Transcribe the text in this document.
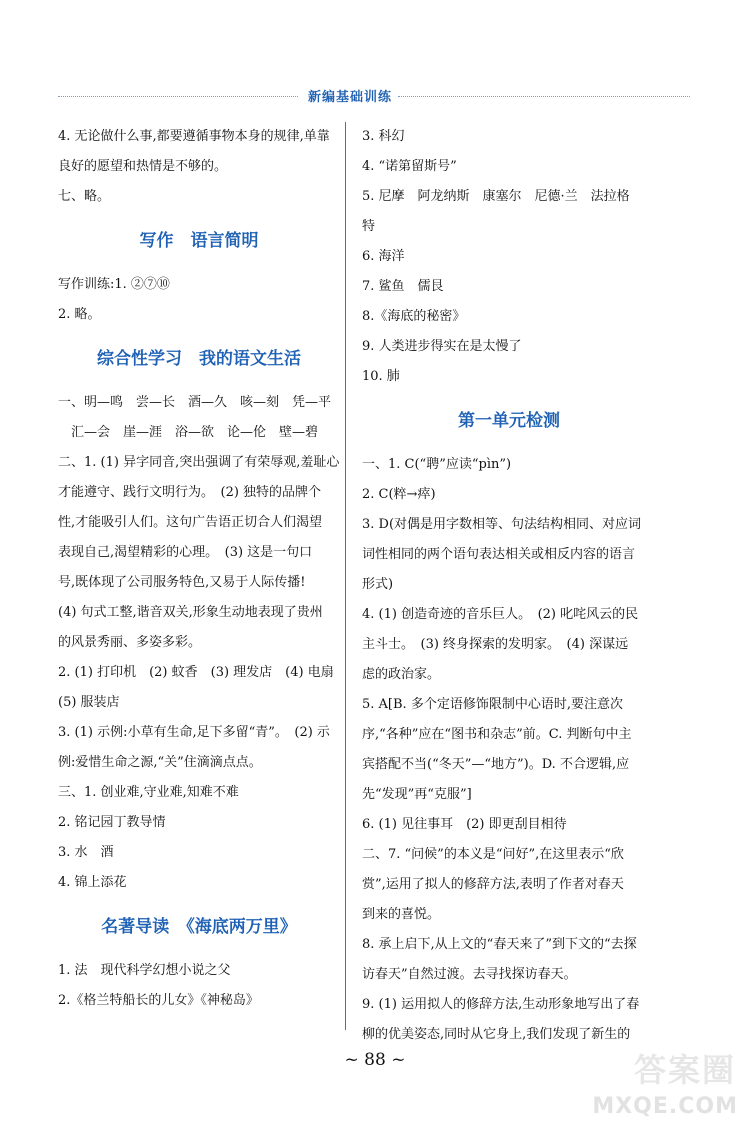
新编基础训练
4. 无论做什么事,都要遵循事物本身的规律,单靠
良好的愿望和热情是不够的。
七、略。
写作　语言简明
写作训练:1. ②⑦⑩
2. 略。
综合性学习　我的语文生活
一、明—鸣　尝—长　酒—久　咳—刻　凭—平
　汇—会　崖—涯　浴—欲　论—伦　壁—碧
二、1. (1) 异字同音,突出强调了有荣辱观,羞耻心
才能遵守、践行文明行为。　(2) 独特的品牌个
性,才能吸引人们。这句广告语正切合人们渴望
表现自己,渴望精彩的心理。　(3) 这是一句口
号,既体现了公司服务特色,又易于人际传播!
(4) 句式工整,谐音双关,形象生动地表现了贵州
的风景秀丽、多姿多彩。
2. (1) 打印机　(2) 蚊香　(3) 理发店　(4) 电扇
(5) 服装店
3. (1) 示例:小草有生命,足下多留“青”。　(2) 示
例:爱惜生命之源,“关”住滴滴点点。
三、1. 创业难,守业难,知难不难
2. 铭记园丁教导情
3. 水　酒
4. 锦上添花
名著导读　《海底两万里》
1. 法　现代科学幻想小说之父
2.《格兰特船长的儿女》《神秘岛》
3. 科幻
4. “诺第留斯号”
5. 尼摩　阿龙纳斯　康塞尔　尼德·兰　法拉格
特
6. 海洋
7. 鲨鱼　儒艮
8.《海底的秘密》
9. 人类进步得实在是太慢了
10. 肺
第一单元检测
一、1. C(“聘”应读“pìn”)
2. C(粹→瘁)
3. D(对偶是用字数相等、句法结构相同、对应词
词性相同的两个语句表达相关或相反内容的语言
形式)
4. (1) 创造奇迹的音乐巨人。　(2) 叱咤风云的民
主斗士。　(3) 终身探索的发明家。　(4) 深谋远
虑的政治家。
5. A[B. 多个定语修饰限制中心语时,要注意次
序,“各种”应在“图书和杂志”前。C. 判断句中主
宾搭配不当(“冬天”—“地方”)。D. 不合逻辑,应
先“发现”再“克服”]
6. (1) 见往事耳　(2) 即更刮目相待
二、7. “问候”的本义是“问好”,在这里表示“欣
赏”,运用了拟人的修辞方法,表明了作者对春天
到来的喜悦。
8. 承上启下,从上文的“春天来了”到下文的“去探
访春天”自然过渡。去寻找探访春天。
9. (1) 运用拟人的修辞方法,生动形象地写出了春
柳的优美姿态,同时从它身上,我们发现了新生的
~ 88 ~	答案圈
MXQE.COM
